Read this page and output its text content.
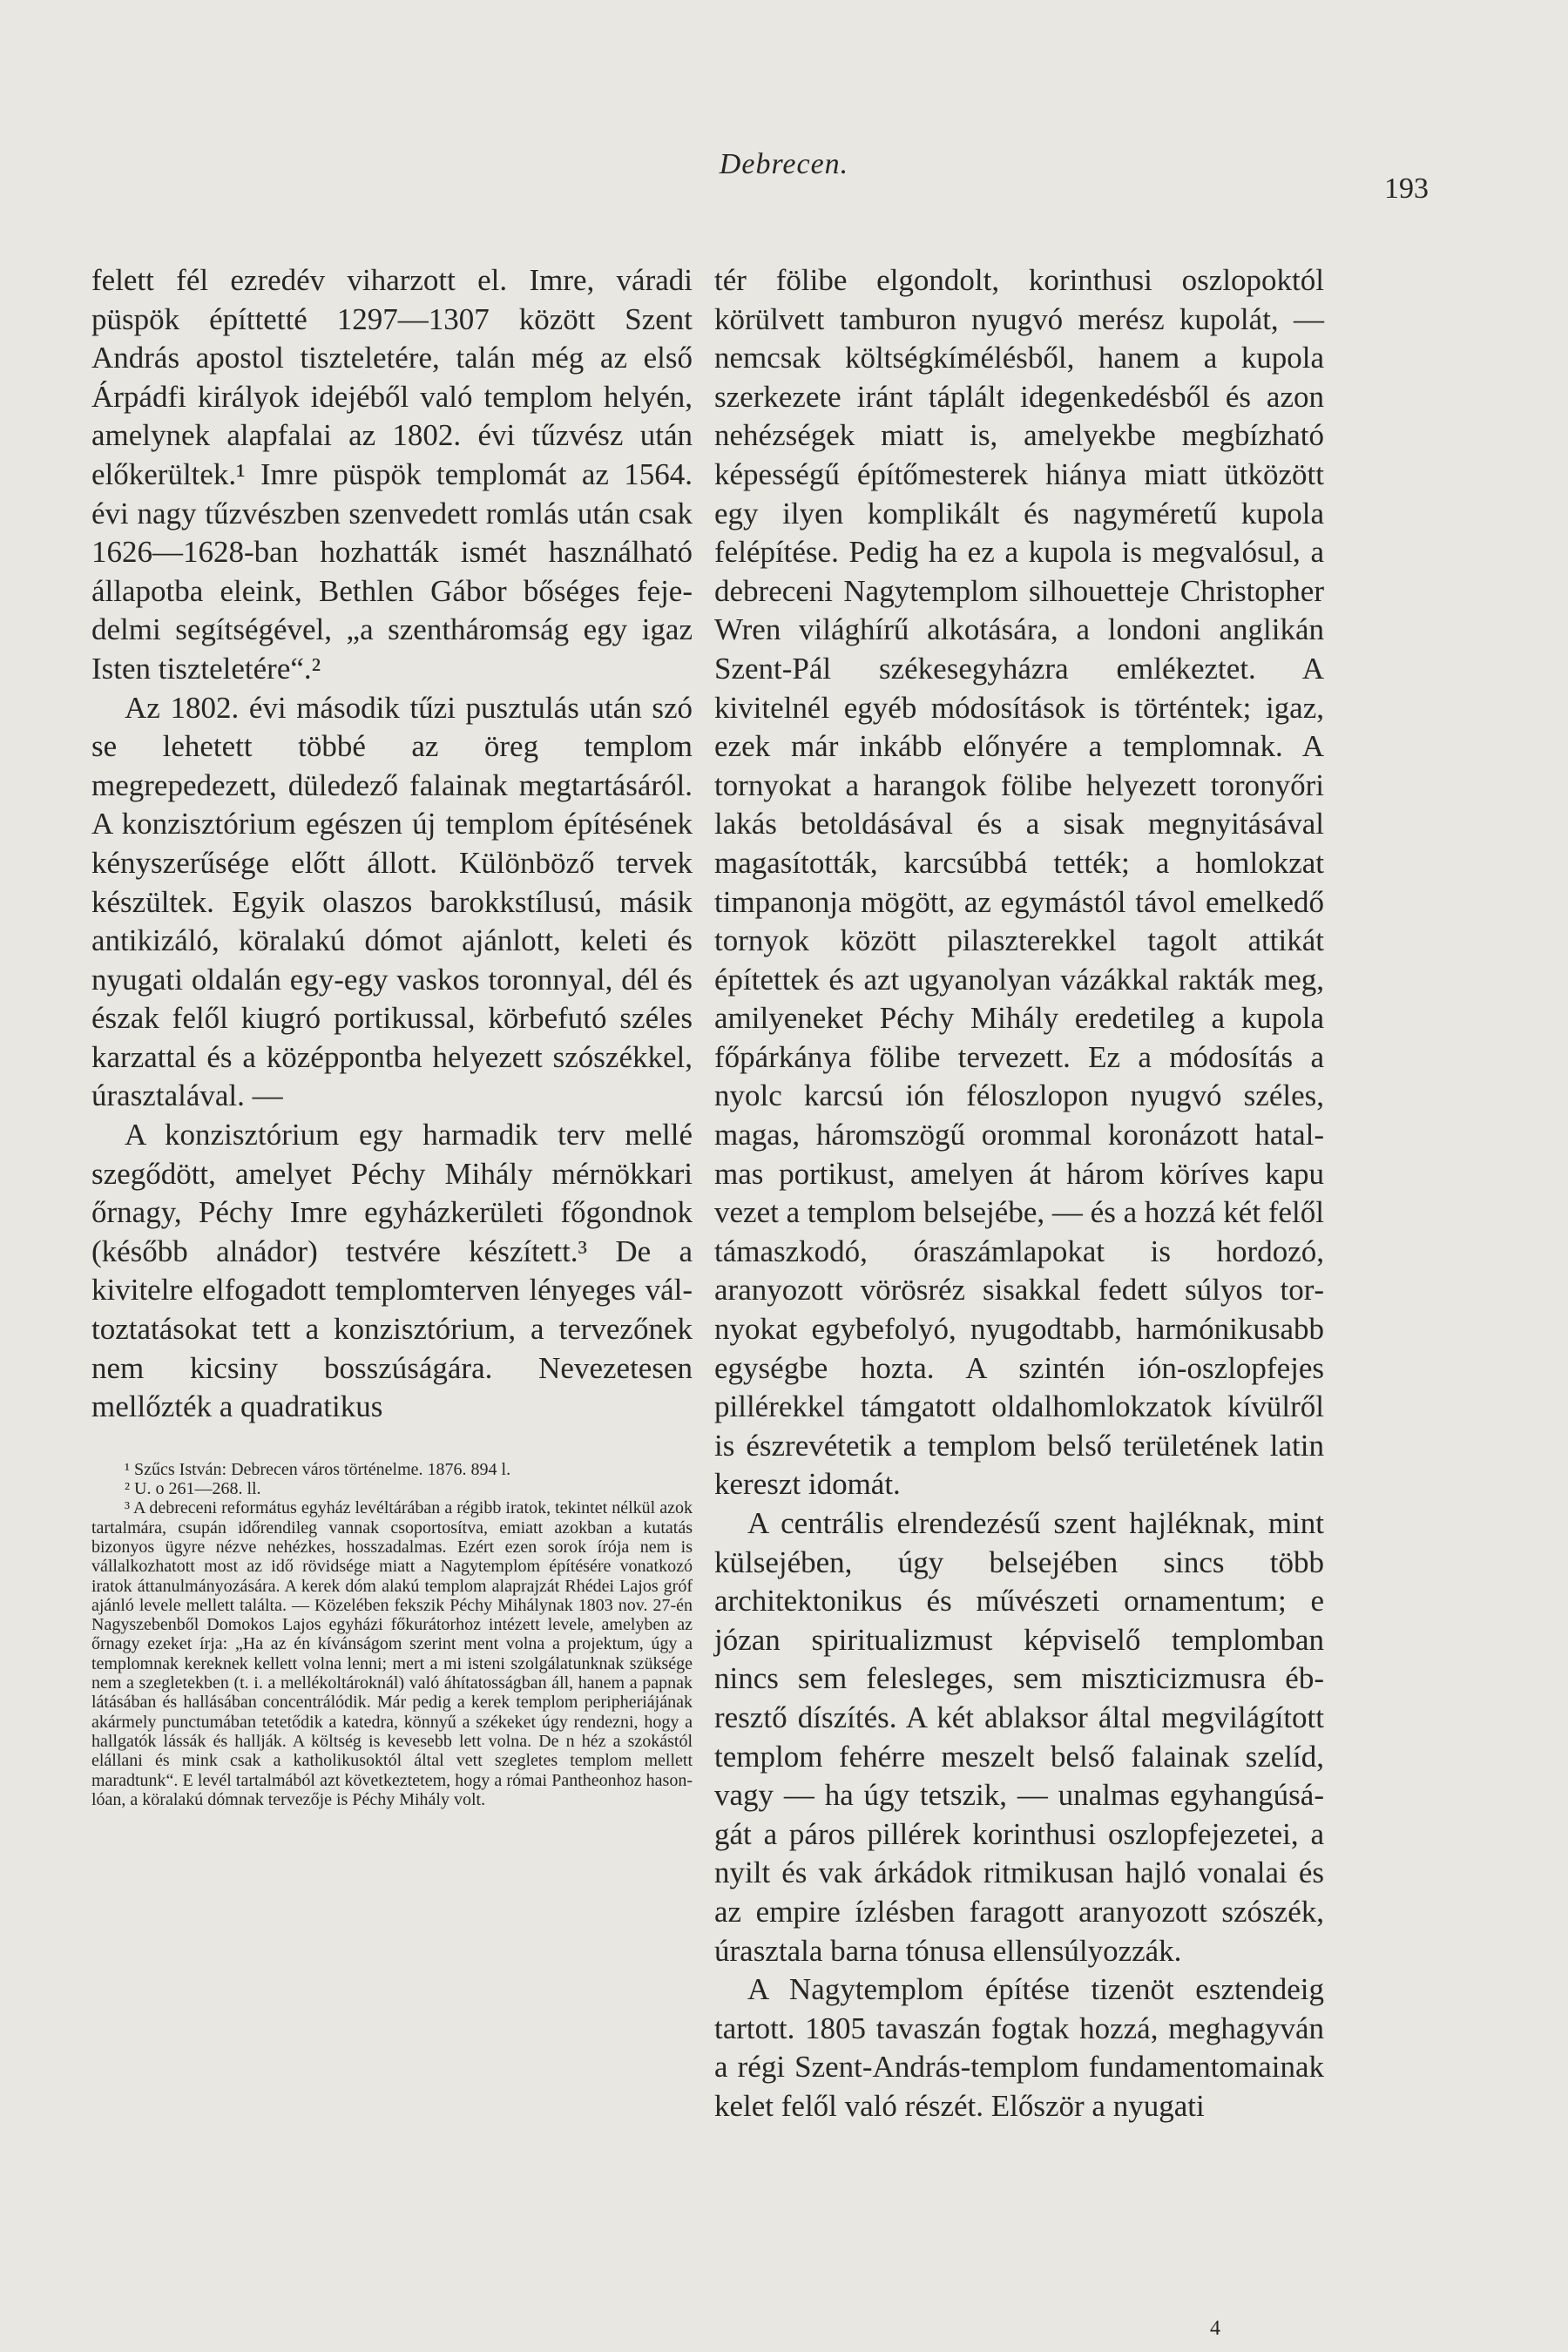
Debrecen.
193

felett fél ezredév viharzott el. Imre, váradi püspök építtetté 1297—1307 között Szent András apostol tiszteletére, talán még az első Árpádfi királyok idejéből való templom helyén, amelynek alapfalai az 1802. évi tűzvész után előkerültek.¹ Imre püspök templomát az 1564. évi nagy tűzvészben szenvedett romlás után csak 1626—1628-ban hozhatták ismét használható állapotba eleink, Bethlen Gábor bőséges fejedelmi segítségével, „a szentháromság egy igaz Isten tiszteletére“.²

Az 1802. évi második tűzi pusztulás után szó se lehetett többé az öreg templom megrepedezett, düledező falainak megtartásáról. A konzisztórium egészen új templom építésének kényszerűsége előtt állott. Különböző tervek készültek. Egyik olaszos barokkstílusú, másik antikizáló, köralakú dómot ajánlott, keleti és nyugati oldalán egy-egy vaskos toronnyal, dél és észak felől kiugró portikussal, körbefutó széles karzattal és a középpontba helyezett szószékkel, úrasztalával. —

A konzisztórium egy harmadik terv mellé szegődött, amelyet Péchy Mihály mérnökkari őrnagy, Péchy Imre egyházkerületi főgondnok (később alnádor) testvére készített.³ De a kivitelre elfogadott templomterven lényeges változtatásokat tett a konzisztórium, a tervezőnek nem kicsiny bosszúságára. Nevezetesen mellőzték a quadratikus

¹ Szűcs István: Debrecen város történelme. 1876. 894 l.

² U. o 261—268. ll.

³ A debreceni református egyház levéltárában a régibb iratok, tekintet nélkül azok tartalmára, csupán időrendileg vannak csoportosítva, emiatt azokban a kutatás bizonyos ügyre nézve nehézkes, hosszadalmas. Ezért ezen sorok írója nem is vállalkozhatott most az idő rövidsége miatt a Nagytemplom építésére vonatkozó iratok áttanulmányozására. A kerek dóm alakú templom alaprajzát Rhédei Lajos gróf ajánló levele mellett találta. — Közelében fekszik Péchy Mihálynak 1803 nov. 27-én Nagyszebenből Domokos Lajos egyházi főkurátorhoz intézett levele, amelyben az őrnagy ezeket írja: „Ha az én kívánságom szerint ment volna a projektum, úgy a templomnak kereknek kellett volna lenni; mert a mi isteni szolgálatunknak szüksége nem a szegletekben (t. i. a mellékoltároknál) való áhítatosságban áll, hanem a papnak látásában és hallásában concentrálódik. Már pedig a kerek templom peripheriájának akármely punctumában tetetődik a katedra, könnyű a székeket úgy rendezni, hogy a hallgatók lássák és hallják. A költség is kevesebb lett volna. De n héz a szokástól elállani és mink csak a katholikusoktól által vett szegletes templom mellett maradtunk“. E levél tartalmából azt következtetem, hogy a római Pantheonhoz hasonlóan, a köralakú dómnak tervezője is Péchy Mihály volt.

tér fölibe elgondolt, korinthusi oszlopoktól körülvett tamburon nyugvó merész kupolát, — nemcsak költségkímélésből, hanem a kupola szerkezete iránt táplált idegenkedésből és azon nehézségek miatt is, amelyekbe megbízható képességű építőmesterek hiánya miatt ütközött egy ilyen komplikált és nagyméretű kupola felépítése. Pedig ha ez a kupola is megvalósul, a debreceni Nagytemplom silhouetteje Christopher Wren világhírű alkotására, a londoni anglikán Szent-Pál székesegyházra emlékeztet. A kivitelnél egyéb módosítások is történtek; igaz, ezek már inkább előnyére a templomnak. A tornyokat a harangok fölibe helyezett toronyőri lakás betoldásával és a sisak megnyitásával magasították, karcsúbbá tették; a homlokzat timpanonja mögött, az egymástól távol emelkedő tornyok között pilaszterekkel tagolt attikát építettek és azt ugyanolyan vázákkal rakták meg, amilyeneket Péchy Mihály eredetileg a kupola főpárkánya fölibe tervezett. Ez a módosítás a nyolc karcsú ión féloszlopon nyugvó széles, magas, háromszögű orommal koronázott hatalmas portikust, amelyen át három köríves kapu vezet a templom belsejébe, — és a hozzá két felől támaszkodó, óraszámlapokat is hordozó, aranyozott vörösréz sisakkal fedett súlyos tornyokat egybefolyó, nyugodtabb, harmónikusabb egységbe hozta. A szintén ión-oszlopfejes pillérekkel támgatott oldalhomlokzatok kívülről is észrevétetik a templom belső területének latin kereszt idomát.

A centrális elrendezésű szent hajléknak, mint külsejében, úgy belsejében sincs több architektonikus és művészeti ornamentum; e józan spiritualizmust képviselő templomban nincs sem felesleges, sem miszticizmusra ébresztő díszítés. A két ablaksor által megvilágított templom fehérre meszelt belső falainak szelíd, vagy — ha úgy tetszik, — unalmas egyhangúságát a páros pillérek korinthusi oszlopfejezetei, a nyilt és vak árkádok ritmikusan hajló vonalai és az empire ízlésben faragott aranyozott szószék, úrasztala barna tónusa ellensúlyozzák.

A Nagytemplom építése tizenöt esztendeig tartott. 1805 tavaszán fogtak hozzá, meghagyván a régi Szent-András-templom fundamentomainak kelet felől való részét. Először a nyugati

4
